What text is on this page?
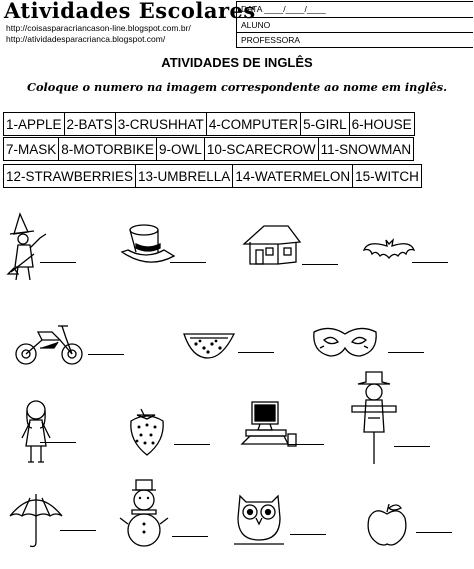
Atividades Escolares
http://coisasparacriancason-line.blogspot.com.br/
http://atividadesparacrianca.blogspot.com/
DATA ____/____/____
ALUNO
PROFESSORA
ATIVIDADES DE INGLÊS
Coloque o numero na imagem correspondente ao nome em inglês.
1-APPLE	2-BATS	3-CRUSHHAT	4-COMPUTER	5-GIRL	6-HOUSE
7-MASK	8-MOTORBIKE	9-OWL	10-SCARECROW	11-SNOWMAN
12-STRAWBERRIES	13-UMBRELLA	14-WATERMELON	15-WITCH
